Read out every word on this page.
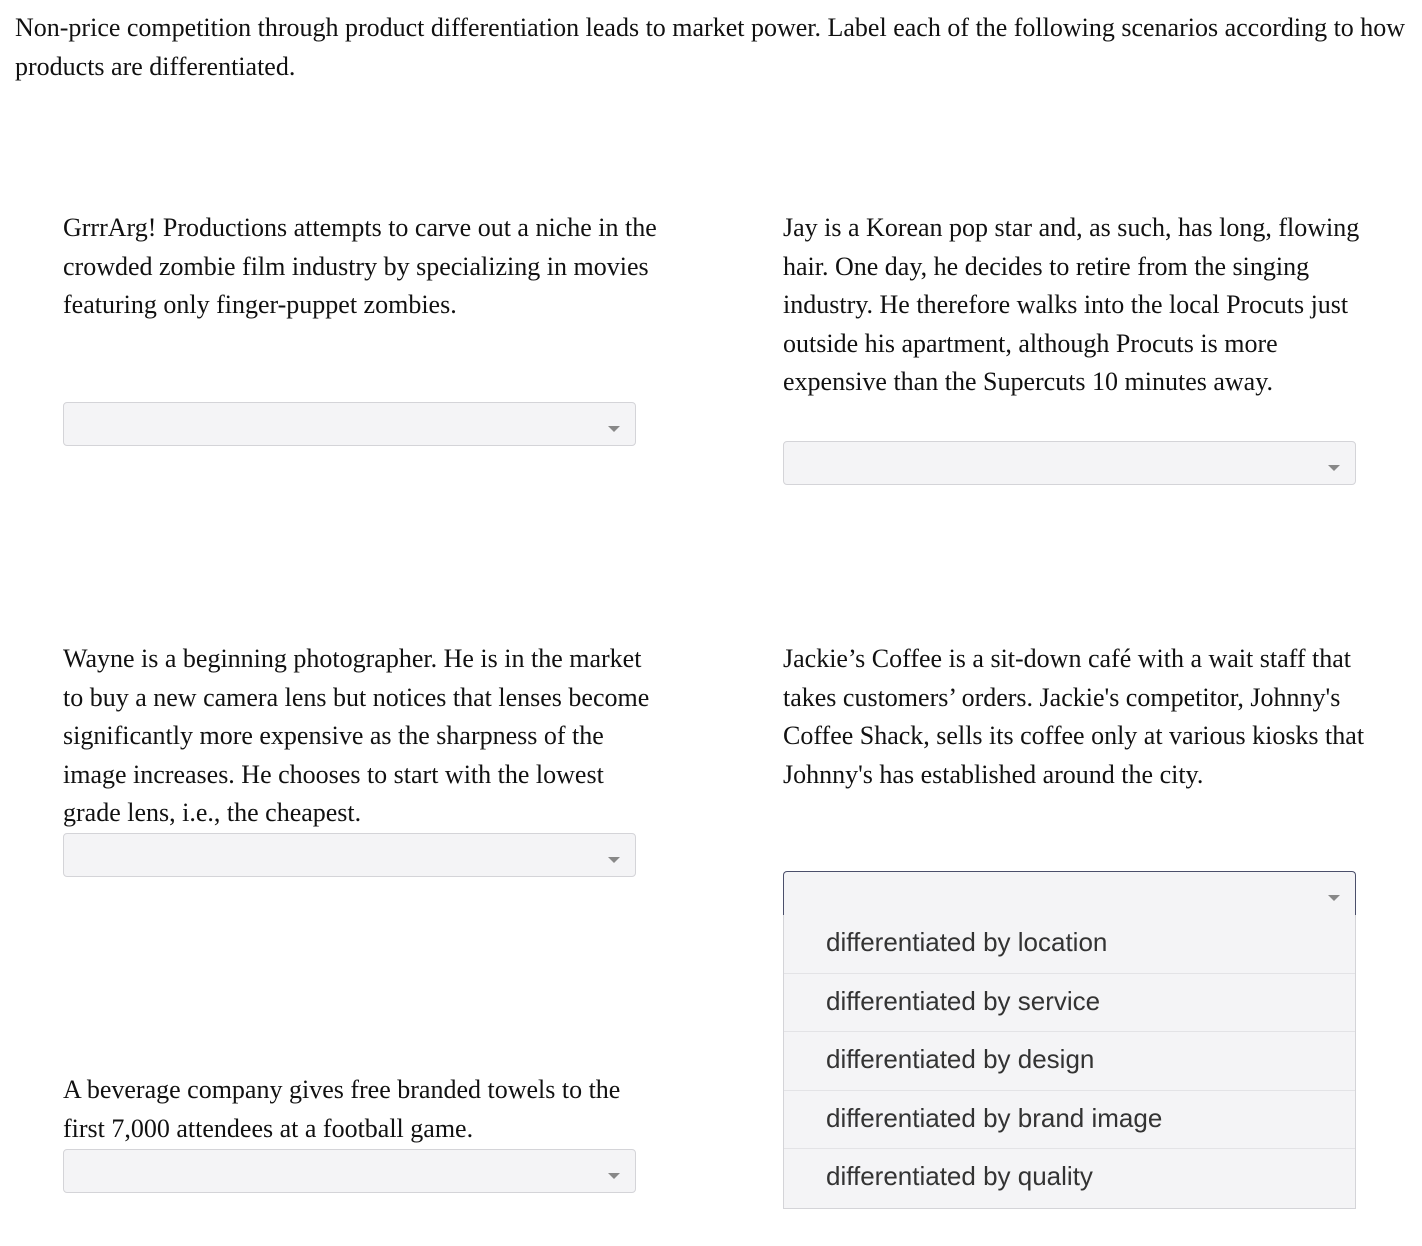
Non-price competition through product differentiation leads to market power. Label each of the following scenarios according to how products are differentiated.

GrrrArg! Productions attempts to carve out a niche in the crowded zombie film industry by specializing in movies featuring only finger-puppet zombies.

Jay is a Korean pop star and, as such, has long, flowing hair. One day, he decides to retire from the singing industry. He therefore walks into the local Procuts just outside his apartment, although Procuts is more expensive than the Supercuts 10 minutes away.

Wayne is a beginning photographer. He is in the market to buy a new camera lens but notices that lenses become significantly more expensive as the sharpness of the image increases. He chooses to start with the lowest grade lens, i.e., the cheapest.

Jackie’s Coffee is a sit-down café with a wait staff that takes customers’ orders. Jackie's competitor, Johnny's Coffee Shack, sells its coffee only at various kiosks that Johnny's has established around the city.

A beverage company gives free branded towels to the first 7,000 attendees at a football game.

differentiated by location
differentiated by service
differentiated by design
differentiated by brand image
differentiated by quality
